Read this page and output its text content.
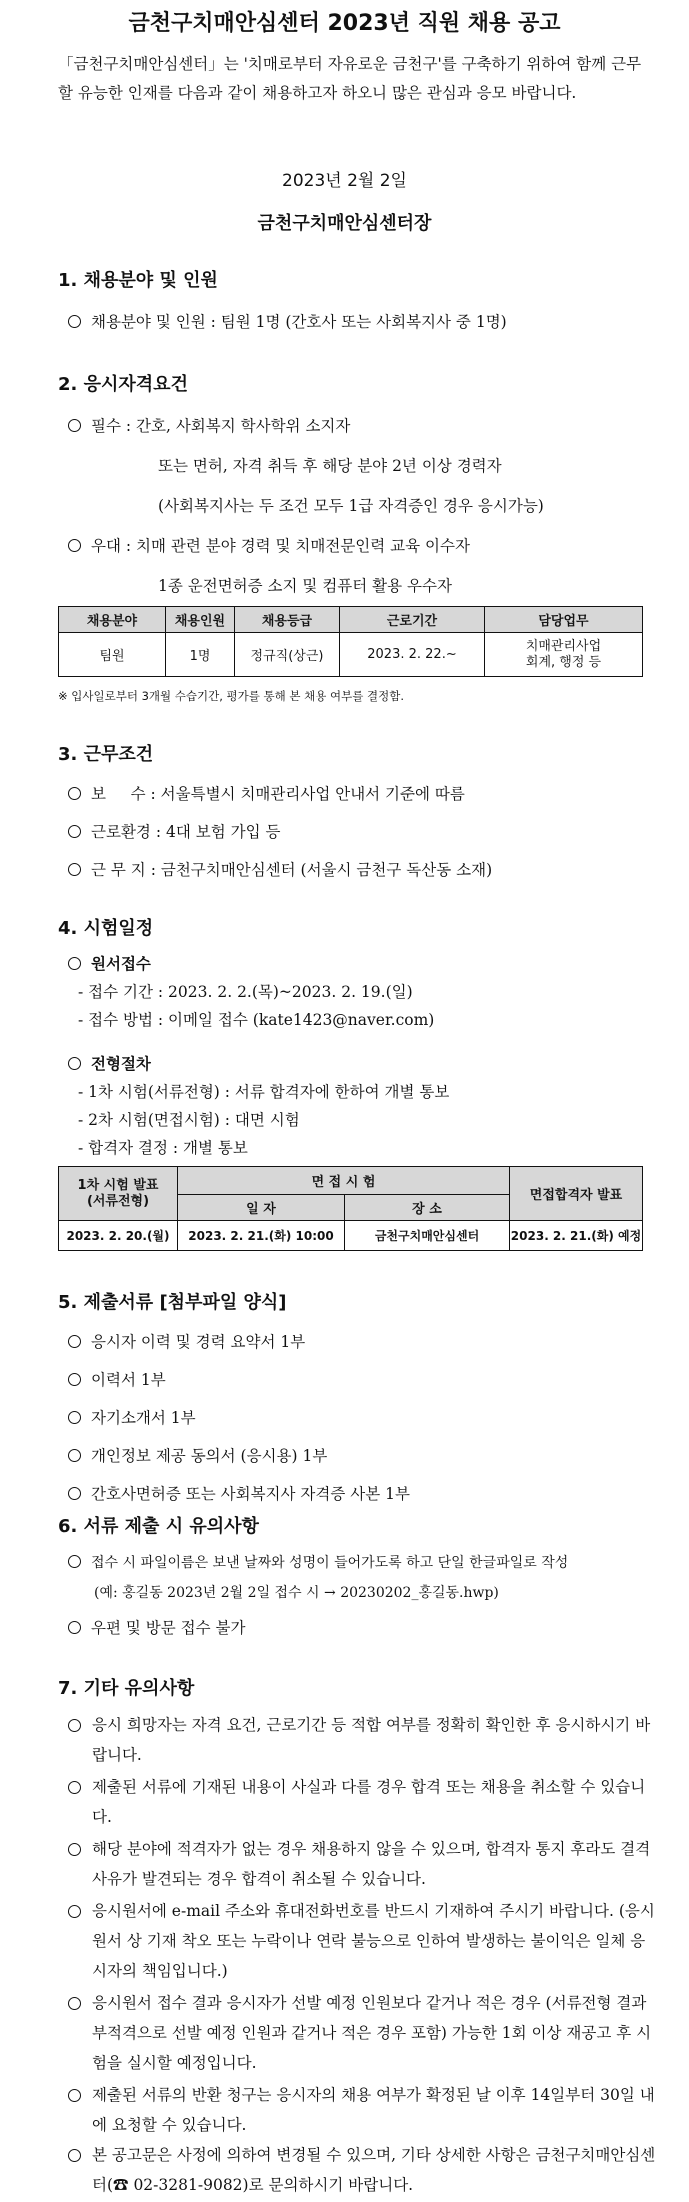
금천구치매안심센터 2023년 직원 채용 공고
「금천구치매안심센터」는 '치매로부터 자유로운 금천구'를 구축하기 위하여 함께 근무할 유능한 인재를 다음과 같이 채용하고자 하오니 많은 관심과 응모 바랍니다.
2023년 2월 2일
금천구치매안심센터장
1. 채용분야 및 인원
채용분야 및 인원 : 팀원 1명 (간호사 또는 사회복지사 중 1명)
2. 응시자격요건
필수 : 간호, 사회복지 학사학위 소지자
또는 면허, 자격 취득 후 해당 분야 2년 이상 경력자
(사회복지사는 두 조건 모두 1급 자격증인 경우 응시가능)
우대 : 치매 관련 분야 경력 및 치매전문인력 교육 이수자
1종 운전면허증 소지 및 컴퓨터 활용 우수자
채용분야	채용인원	채용등급	근로기간	담당업무
팀원	1명	정규직(상근)	2023. 2. 22.~	치매관리사업
회계, 행정 등
※ 입사일로부터 3개월 수습기간, 평가를 통해 본 채용 여부를 결정함.
3. 근무조건
보     수 : 서울특별시 치매관리사업 안내서 기준에 따름
근로환경 : 4대 보험 가입 등
근 무 지 : 금천구치매안심센터 (서울시 금천구 독산동 소재)
4. 시험일정
원서접수
- 접수 기간 : 2023. 2. 2.(목)~2023. 2. 19.(일)
- 접수 방법 : 이메일 접수 (kate1423@naver.com)
전형절차
- 1차 시험(서류전형) : 서류 합격자에 한하여 개별 통보
- 2차 시험(면접시험) : 대면 시험
- 합격자 결정 : 개별 통보
1차 시험 발표
(서류전형)	면 접 시 험		면접합격자 발표
	일 자	장 소	
2023. 2. 20.(월)	2023. 2. 21.(화) 10:00	금천구치매안심센터	2023. 2. 21.(화) 예정
5. 제출서류 [첨부파일 양식]
응시자 이력 및 경력 요약서 1부
이력서 1부
자기소개서 1부
개인정보 제공 동의서 (응시용) 1부
간호사면허증 또는 사회복지사 자격증 사본 1부
6. 서류 제출 시 유의사항
접수 시 파일이름은 보낸 날짜와 성명이 들어가도록 하고 단일 한글파일로 작성
(예: 홍길동 2023년 2월 2일 접수 시 → 20230202_홍길동.hwp)
우편 및 방문 접수 불가
7. 기타 유의사항
응시 희망자는 자격 요건, 근로기간 등 적합 여부를 정확히 확인한 후 응시하시기 바랍니다.
제출된 서류에 기재된 내용이 사실과 다를 경우 합격 또는 채용을 취소할 수 있습니다.
해당 분야에 적격자가 없는 경우 채용하지 않을 수 있으며, 합격자 통지 후라도 결격 사유가 발견되는 경우 합격이 취소될 수 있습니다.
응시원서에 e-mail 주소와 휴대전화번호를 반드시 기재하여 주시기 바랍니다. (응시원서 상 기재 착오 또는 누락이나 연락 불능으로 인하여 발생하는 불이익은 일체 응시자의 책임입니다.)
응시원서 접수 결과 응시자가 선발 예정 인원보다 같거나 적은 경우 (서류전형 결과 부적격으로 선발 예정 인원과 같거나 적은 경우 포함) 가능한 1회 이상 재공고 후 시험을 실시할 예정입니다.
제출된 서류의 반환 청구는 응시자의 채용 여부가 확정된 날 이후 14일부터 30일 내에 요청할 수 있습니다.
본 공고문은 사정에 의하여 변경될 수 있으며, 기타 상세한 사항은 금천구치매안심센터(☎ 02-3281-9082)로 문의하시기 바랍니다.
